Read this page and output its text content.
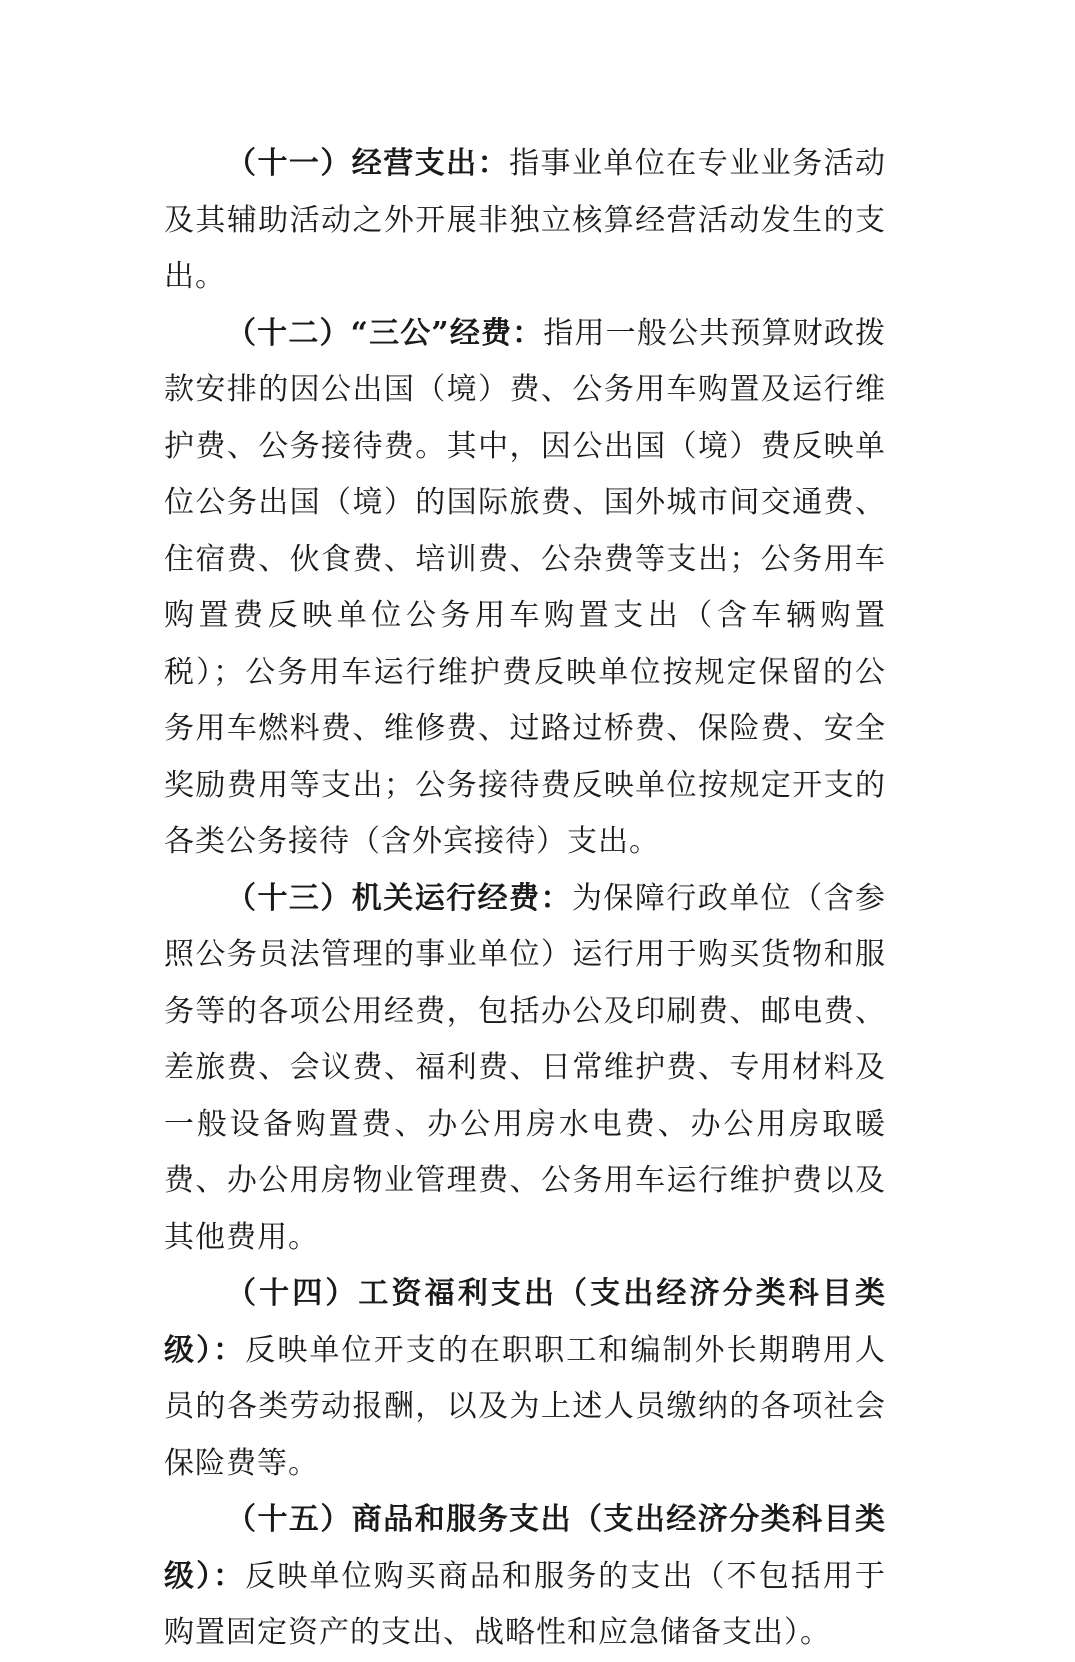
（十一）经营支出：指事业单位在专业业务活动及其辅助活动之外开展非独立核算经营活动发生的支出。

（十二）“三公”经费：指用一般公共预算财政拨款安排的因公出国（境）费、公务用车购置及运行维护费、公务接待费。其中，因公出国（境）费反映单位公务出国（境）的国际旅费、国外城市间交通费、住宿费、伙食费、培训费、公杂费等支出；公务用车购置费反映单位公务用车购置支出（含车辆购置税）；公务用车运行维护费反映单位按规定保留的公务用车燃料费、维修费、过路过桥费、保险费、安全奖励费用等支出；公务接待费反映单位按规定开支的各类公务接待（含外宾接待）支出。

（十三）机关运行经费：为保障行政单位（含参照公务员法管理的事业单位）运行用于购买货物和服务等的各项公用经费，包括办公及印刷费、邮电费、差旅费、会议费、福利费、日常维护费、专用材料及一般设备购置费、办公用房水电费、办公用房取暖费、办公用房物业管理费、公务用车运行维护费以及其他费用。

（十四）工资福利支出（支出经济分类科目类级）：反映单位开支的在职职工和编制外长期聘用人员的各类劳动报酬，以及为上述人员缴纳的各项社会保险费等。

（十五）商品和服务支出（支出经济分类科目类级）：反映单位购买商品和服务的支出（不包括用于购置固定资产的支出、战略性和应急储备支出）。
